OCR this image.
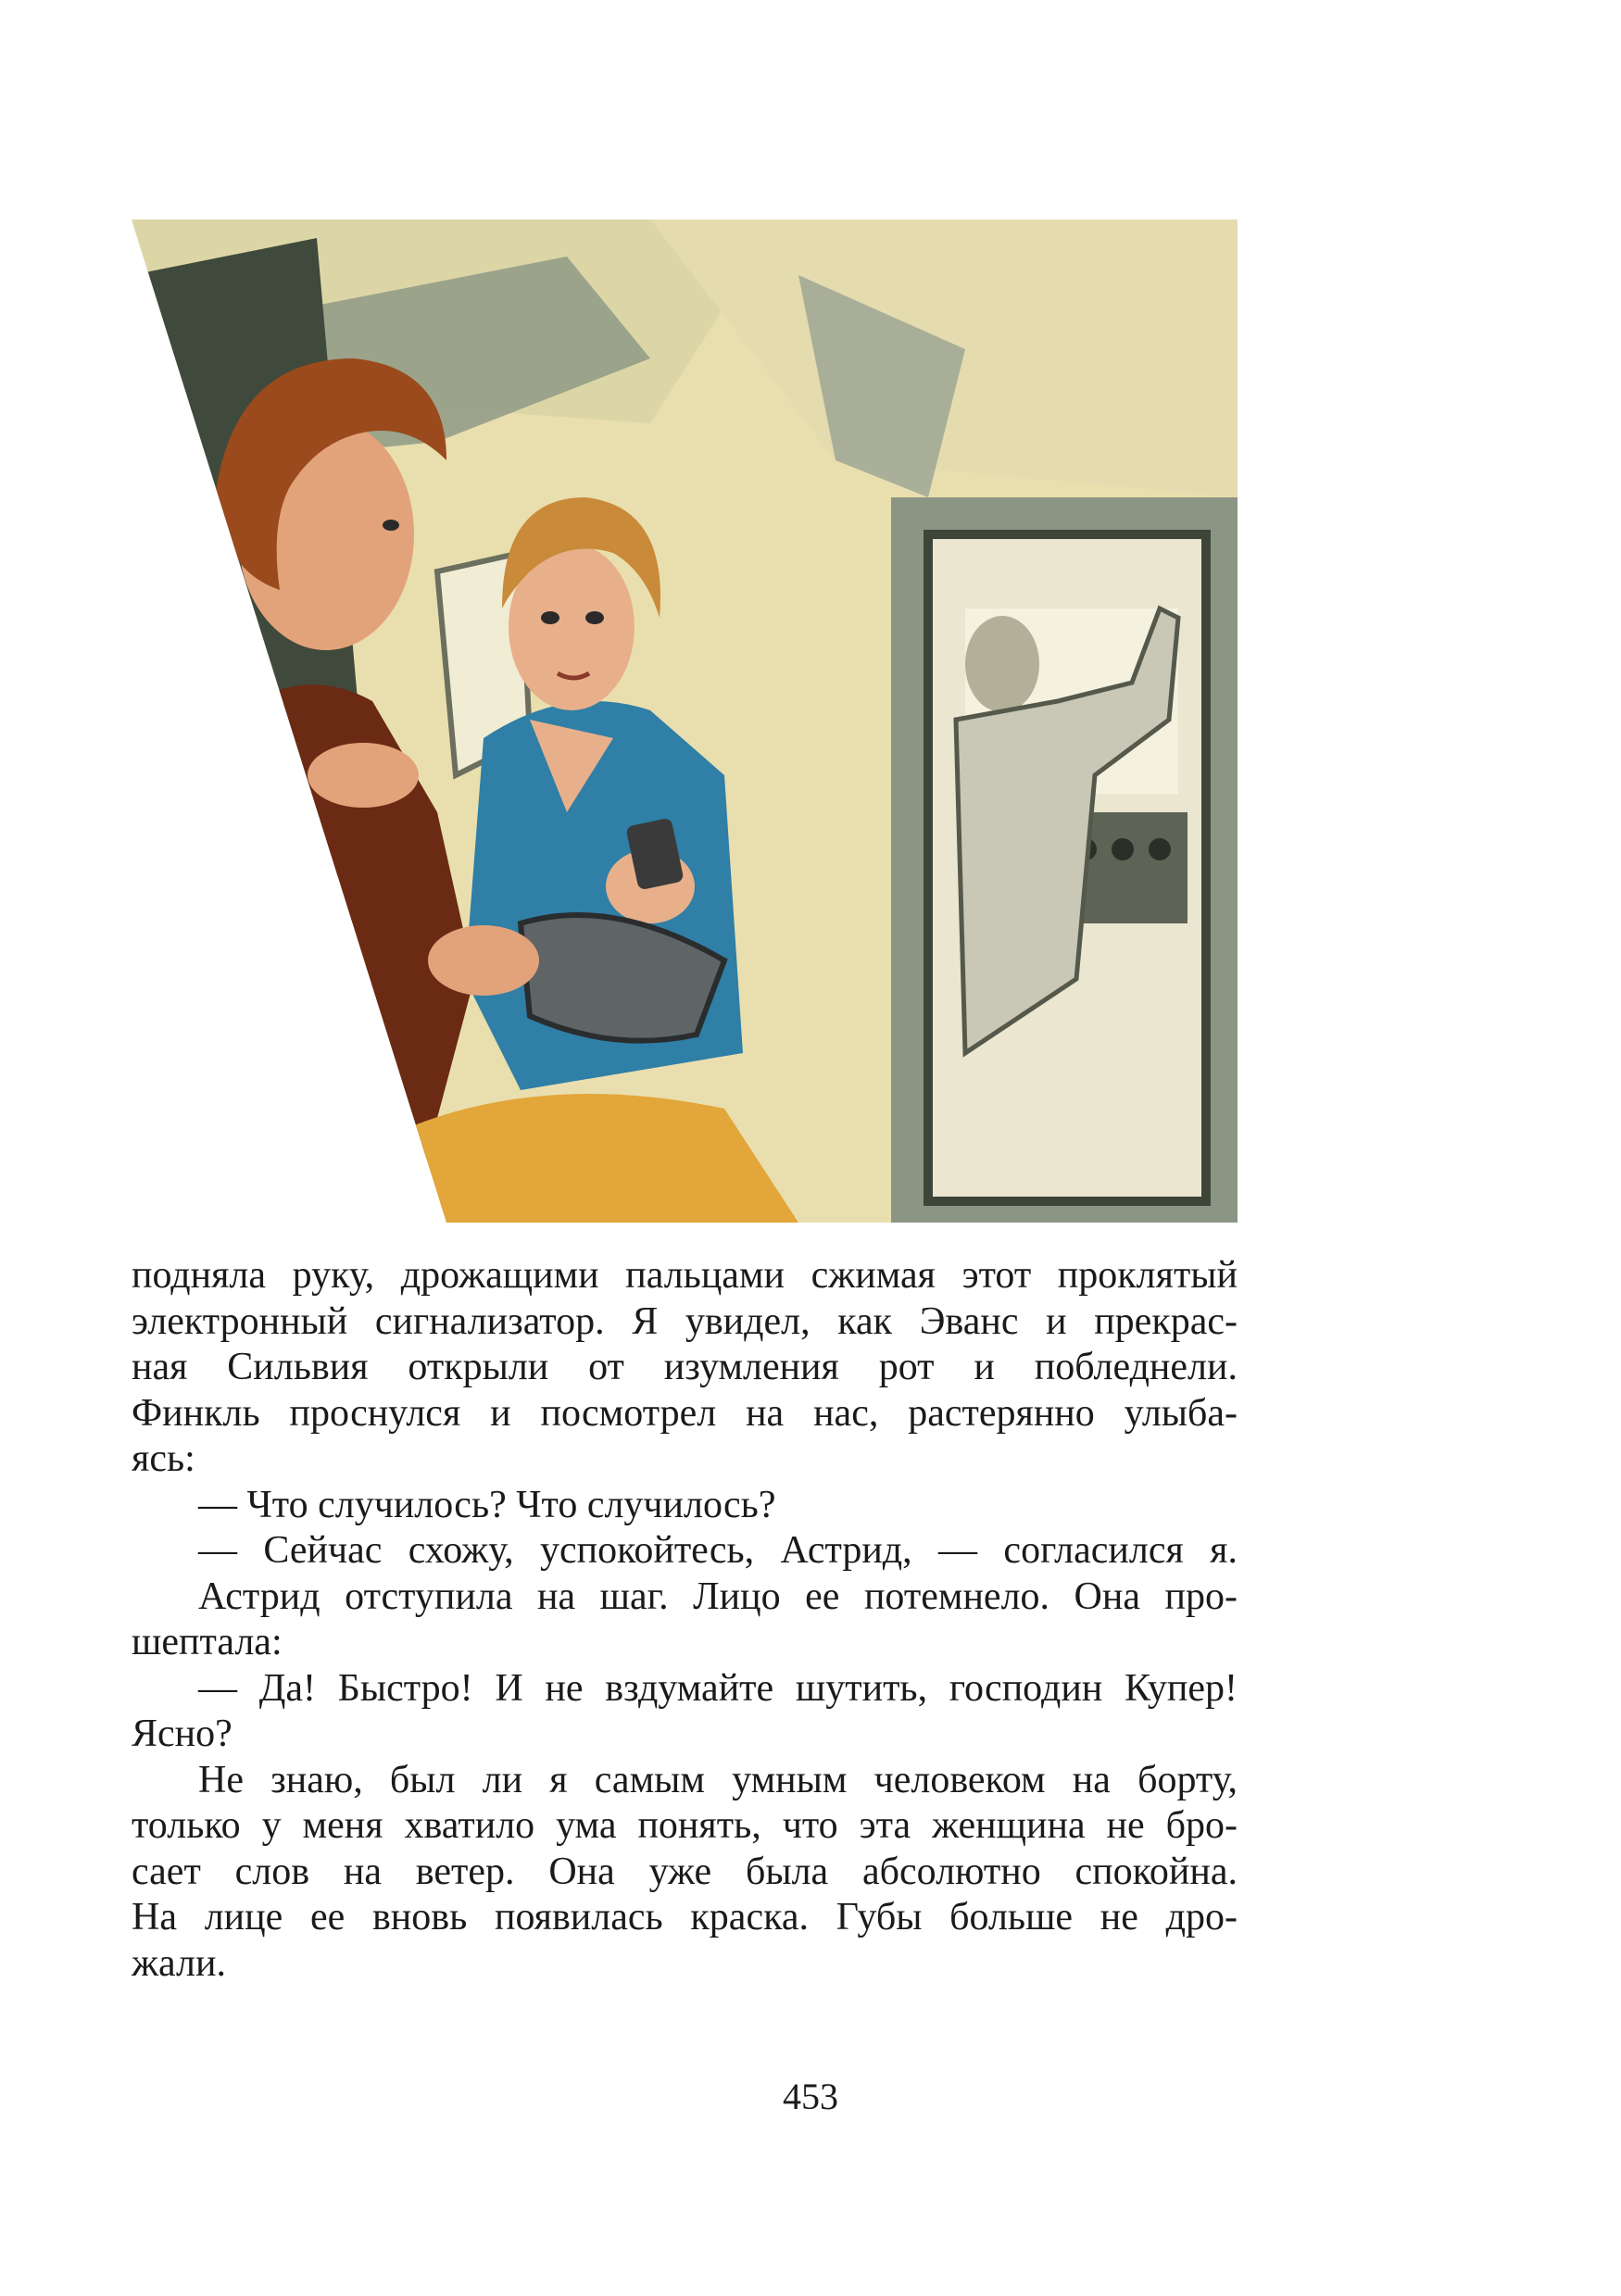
подняла руку, дрожащими пальцами сжимая этот проклятый

электронный сигнализатор. Я увидел, как Эванс и прекрас-

ная Сильвия открыли от изумления рот и побледнели.

Финкль проснулся и посмотрел на нас, растерянно улыба-

ясь:

— Что случилось? Что случилось?

— Сейчас схожу, успокойтесь, Астрид, — согласился я.

Астрид отступила на шаг. Лицо ее потемнело. Она про-

шептала:

— Да! Быстро! И не вздумайте шутить, господин Купер!

Ясно?

Не знаю, был ли я самым умным человеком на борту,

только у меня хватило ума понять, что эта женщина не бро-

сает слов на ветер. Она уже была абсолютно спокойна.

На лице ее вновь появилась краска. Губы больше не дро-

жали.

453
